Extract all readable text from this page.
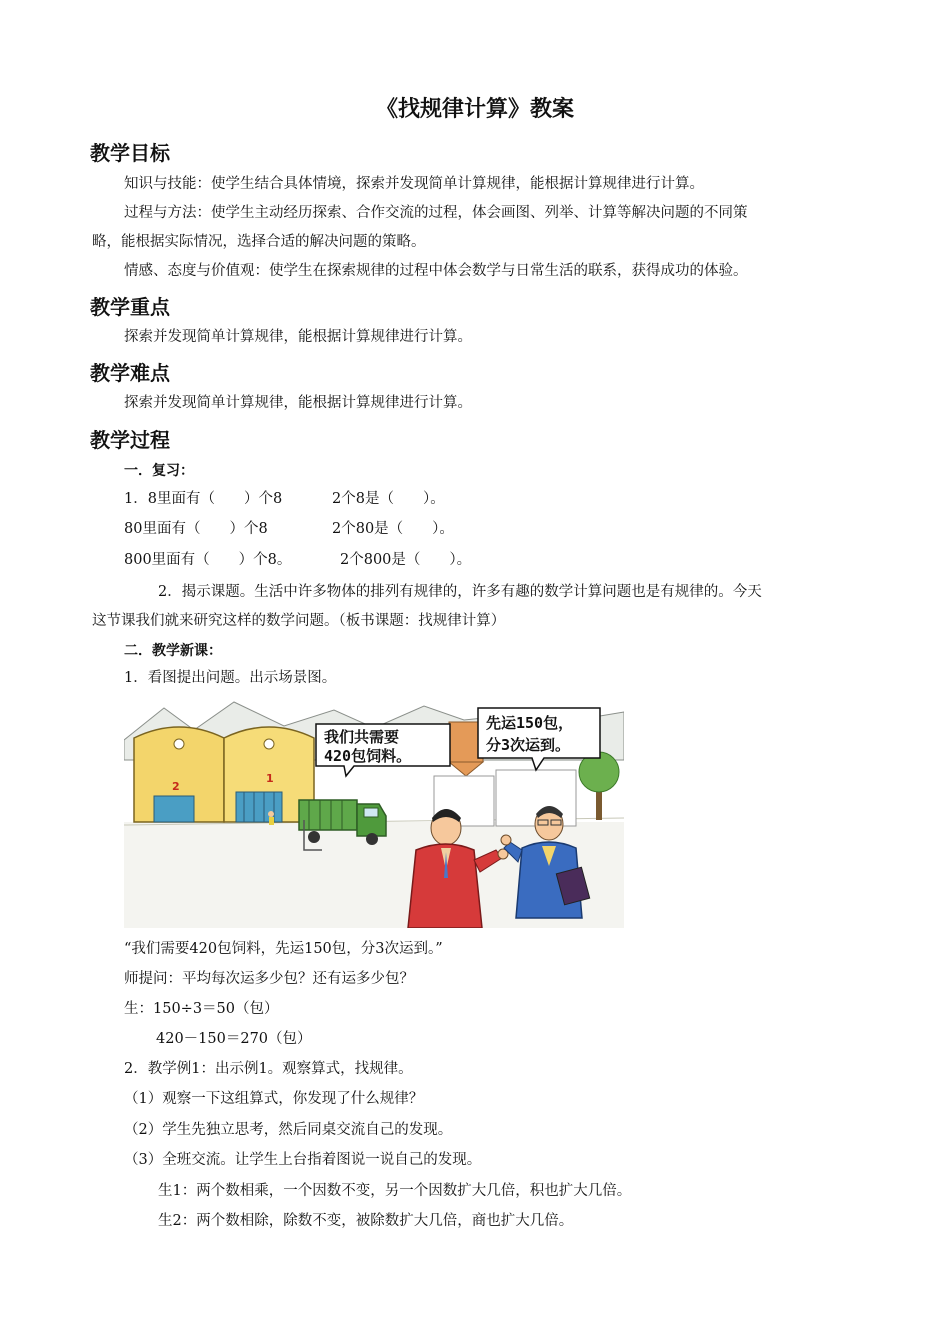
《找规律计算》教案
教学目标
知识与技能：使学生结合具体情境，探索并发现简单计算规律，能根据计算规律进行计算。
过程与方法：使学生主动经历探索、合作交流的过程，体会画图、列举、计算等解决问题的不同策
略，能根据实际情况，选择合适的解决问题的策略。
情感、态度与价值观：使学生在探索规律的过程中体会数学与日常生活的联系，获得成功的体验。
教学重点
探索并发现简单计算规律，能根据计算规律进行计算。
教学难点
探索并发现简单计算规律，能根据计算规律进行计算。
教学过程
一．复习：
1．8里面有（　　）个8	2个8是（　　）。
80里面有（　　）个8	2个80是（　　）。
800里面有（　　）个8。	2个800是（　　）。
2．揭示课题。生活中许多物体的排列有规律的，许多有趣的数学计算问题也是有规律的。今天
这节课我们就来研究这样的数学问题。（板书课题：找规律计算）
二．教学新课：
1．看图提出问题。出示场景图。
2
1
我们共需要
420包饲料。
先运150包，
分3次运到。
“我们需要420包饲料，先运150包，分3次运到。”
师提问：平均每次运多少包？还有运多少包？
生：150÷3＝50（包）
420－150＝270（包）
2．教学例1：出示例1。观察算式，找规律。
（1）观察一下这组算式，你发现了什么规律？
（2）学生先独立思考，然后同桌交流自己的发现。
（3）全班交流。让学生上台指着图说一说自己的发现。
生1：两个数相乘，一个因数不变，另一个因数扩大几倍，积也扩大几倍。
生2：两个数相除，除数不变，被除数扩大几倍，商也扩大几倍。
